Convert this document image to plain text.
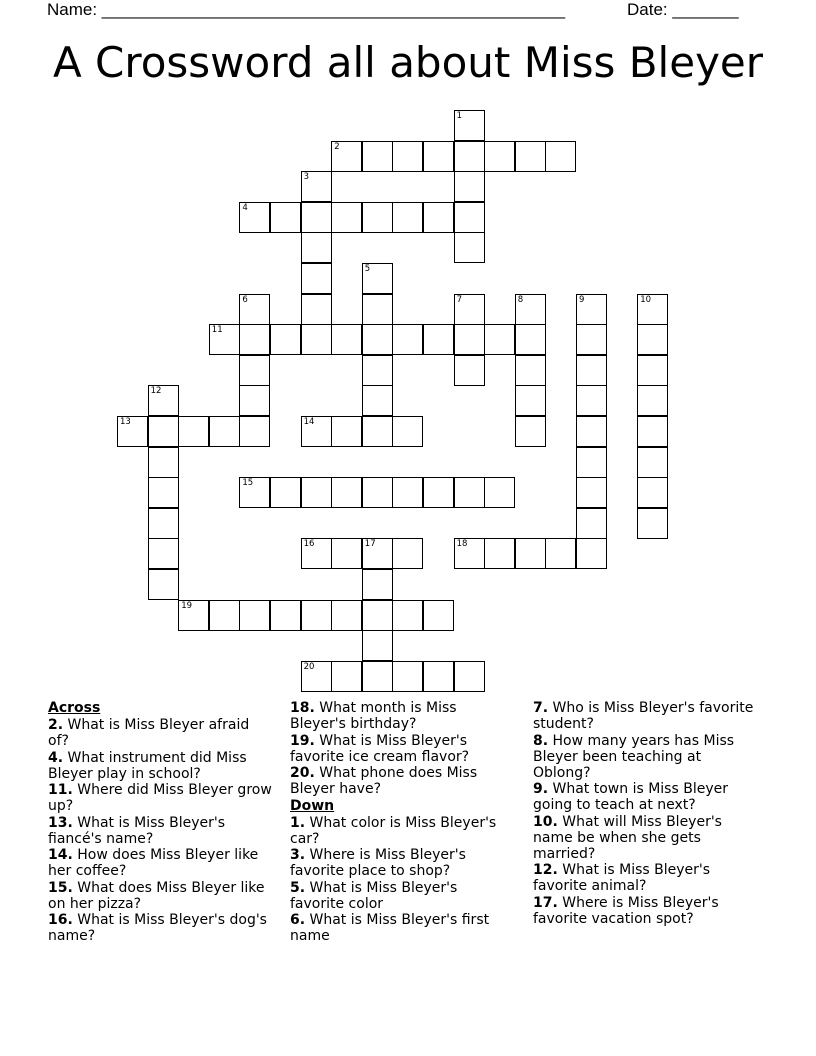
Name: _________________________________________________	Date: _______
A Crossword all about Miss Bleyer
2
4
11
13	14
15
16	17	18
19
20
1
3
5
6	7	8	9	10
12
Across
2. What is Miss Bleyer afraid of?
4. What instrument did Miss Bleyer play in school?
11. Where did Miss Bleyer grow up?
13. What is Miss Bleyer's fiancé's name?
14. How does Miss Bleyer like her coffee?
15. What does Miss Bleyer like on her pizza?
16. What is Miss Bleyer's dog's name?
18. What month is Miss Bleyer's birthday?
19. What is Miss Bleyer's favorite ice cream flavor?
20. What phone does Miss Bleyer have?
Down
1. What color is Miss Bleyer's car?
3. Where is Miss Bleyer's favorite place to shop?
5. What is Miss Bleyer's favorite color
6. What is Miss Bleyer's first name
7. Who is Miss Bleyer's favorite student?
8. How many years has Miss Bleyer been teaching at Oblong?
9. What town is Miss Bleyer going to teach at next?
10. What will Miss Bleyer's name be when she gets married?
12. What is Miss Bleyer's favorite animal?
17. Where is Miss Bleyer's favorite vacation spot?
